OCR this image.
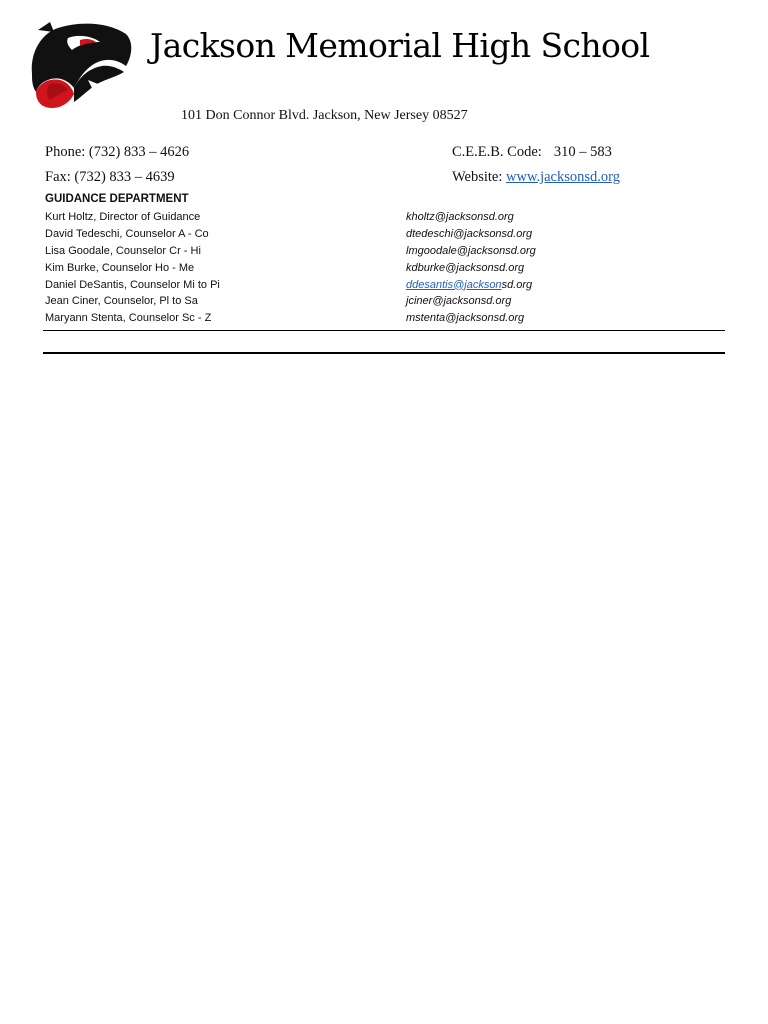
Jackson Memorial High School
101 Don Connor Blvd. Jackson, New Jersey 08527
Phone: (732) 833 – 4626
Fax: (732) 833 – 4639
C.E.E.B. Code: 310 – 583
Website: www.jacksonsd.org
GUIDANCE DEPARTMENT
Kurt Holtz, Director of Guidance	kholtz@jacksonsd.org
David Tedeschi, Counselor A - Co	dtedeschi@jacksonsd.org
Lisa Goodale, Counselor Cr - Hi	lmgoodale@jacksonsd.org
Kim Burke, Counselor Ho - Me	kdburke@jacksonsd.org
Daniel DeSantis, Counselor Mi to Pi	ddesantis@jacksonsd.org
Jean Ciner, Counselor, Pl to Sa	jciner@jacksonsd.org
Maryann Stenta, Counselor Sc - Z	mstenta@jacksonsd.org
